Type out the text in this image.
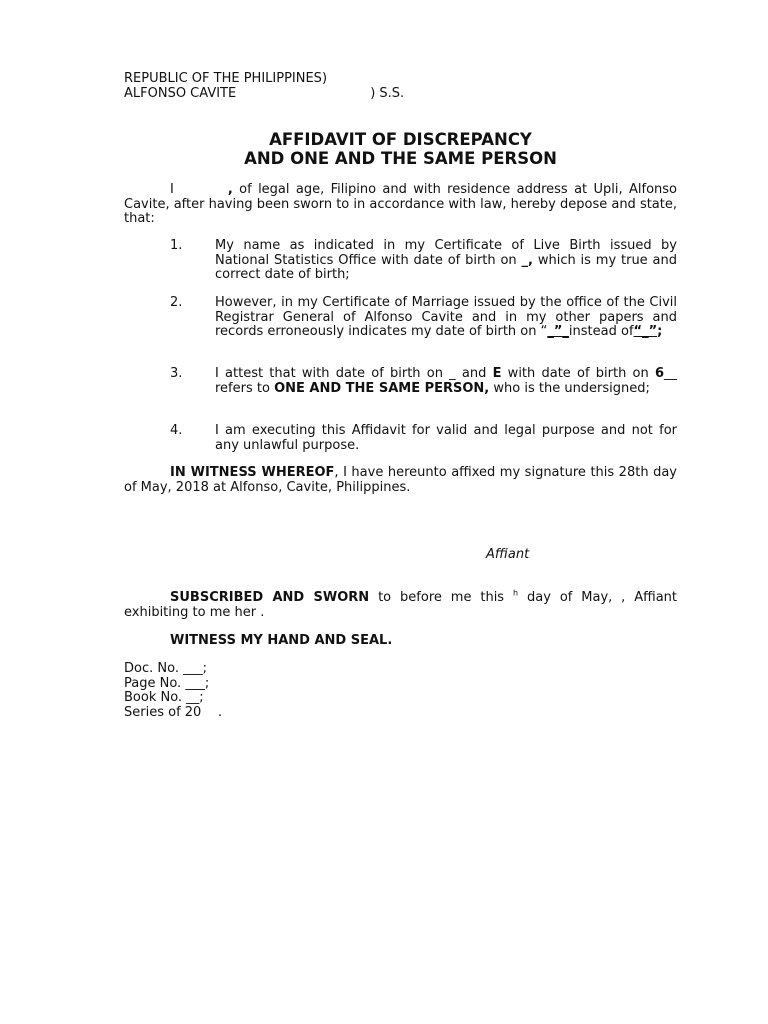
REPUBLIC OF THE PHILIPPINES)
ALFONSO CAVITE	) S.S.
AFFIDAVIT OF DISCREPANCY
AND ONE AND THE SAME PERSON
I	, of legal age, Filipino and with residence address at Upli, Alfonso Cavite, after having been sworn to in accordance with law, hereby depose and state, that:
1.	My name as indicated in my Certificate of Live Birth issued by National Statistics Office with date of birth on _, which is my true and correct date of birth;
2.	However, in my Certificate of Marriage issued by the office of the Civil Registrar General of Alfonso Cavite and in my other papers and records erroneously indicates my date of birth on “_”_instead of“_”;
3.	I attest that with date of birth on _ and E with date of birth on 6__ refers to ONE AND THE SAME PERSON, who is the undersigned;
4.	I am executing this Affidavit for valid and legal purpose and not for any unlawful purpose.
IN WITNESS WHEREOF, I have hereunto affixed my signature this 28th day of May, 2018 at Alfonso, Cavite, Philippines.
Affiant
SUBSCRIBED AND SWORN to before me this $^h$ day of May, , Affiant exhibiting to me her .
WITNESS MY HAND AND SEAL.
Doc. No. ___;
Page No. ___;
Book No. __;
Series of 20    .
